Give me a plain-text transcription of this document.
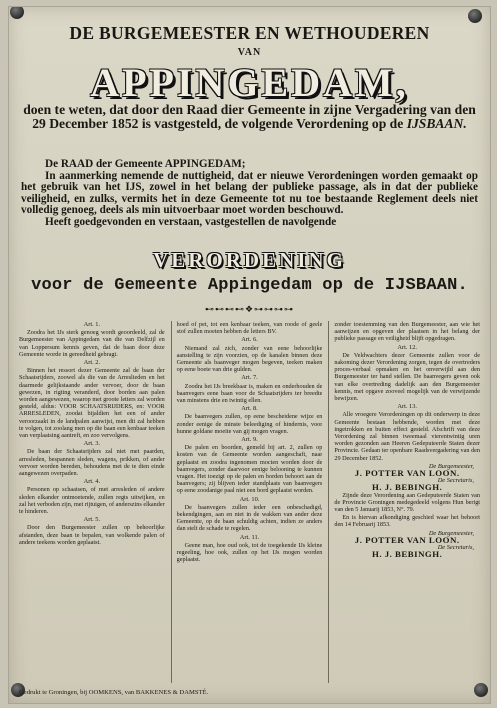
DE BURGEMEESTER EN WETHOUDEREN
VAN
APPINGEDAM,
doen te weten, dat door den Raad dier Gemeente in zijne Vergadering van den 29 December 1852 is vastgesteld, de volgende Verordening op de IJSBAAN.

De RAAD der Gemeente APPINGEDAM;

In aanmerking nemende de nuttigheid, dat er nieuwe Verordeningen worden gemaakt op het gebruik van het IJS, zowel in het belang der publieke passage, als in dat der publieke veiligheid, en zulks, vermits het in deze Gemeente tot nu toe bestaande Reglement deels niet volledig genoeg, deels als min uitvoerbaar moet worden beschouwd.

Heeft goedgevonden en verstaan, vastgestellen de navolgende

VERORDENING
voor de Gemeente Appingedam op de IJSBAAN.
⊷⊷⊷⊷❖⊶⊶⊶⊶

Art. 1.

Zoodra het IJs sterk genoeg wordt geoordeeld, zal de Burgemeester van Appingedam van die van Delfzijl en van Loppersum kennis geven, dat de baan door deze Gemeente worde in gereedheid gebragt.

Art. 2.

Binnen het ressort dezer Gemeente zal de baan der Schaatsrijders, zoowel als die van de Arreslieden en het daarmede gelijkstaande ander vervoer, door de baan gewezen, in rigting veranderd, door borden aan palen worden aangewezen, waarop met groote letters zal worden gesteld, aldus: VOOR SCHAATSRIJDERS, en: VOOR ARRESLEDEN, zoodat bijaldien het een of ander veroorzaakt in de landpalen aanwijst, men dit zal hebben te volgen, tot zoolang men op die baan een kenbaar teeken van verplaatsing aantreft, en zoo vervolgens.

Art. 3.

De baan der Schaatsrijders zal niet met paarden, arresleden, bespannen sleden, wagens, prikken, of ander vervoer worden bereden, behoudens met de te dien einde aangewezen overpaden.

Art. 4.

Personen op schaatsen, of met arresleden of andere sleden elkander ontmoetende, zullen regts uitwijken, en zal het verboden zijn, met rijtuigen, of anderszins elkander te hinderen.

Art. 5.

Door den Burgemeester zullen op behoorlijke afstanden, deze baan te bepalen, van wolkende palen of andere teekens worden geplaatst.

hoed of pet, tot een kenbaar teeken, van roode of geele stof zullen moeten hebben de letters BV.

Art. 6.

Niemand zal zich, zonder van eene behoorlijke aanstelling te zijn voorzien, op de kanalen binnen deze Gemeente als baanveger mogen begeven, teeken maken op eene boete van drie gulden.

Art. 7.

Zoodra het IJs breekbaar is, maken en onderhouden de baanvegers eene baan voor de Schaatsrijders ter breedte van minstens drie en twintig ellen.

Art. 8.

De baanvegers zullen, op eene bescheidene wijze en zonder eenige de minste beleediging of hindernis, voor hunne goldane moeite van gij mogen vragen.

Art. 9.

De palen en boorden, gemeld bij art. 2, zullen op kosten van de Gemeente worden aangeschaft, naar geplaatst en zoodra ingenomen mocten worden door de baanvegers, zonder daarvoor eenige belooning te kunnen vragen. Het toezigt op de palen en borden behoort aan de baanvegers; zij blijven ieder standplaats van baanvegers op eene zoodanige paal niet een bord geplaatst worden.

Art. 10.

De baanvegers zullen ieder een onbeschadigd, bekendgingen, aan en niet in de wakken van ander deze Gemeente, op de baan schuldig achten, indien ze anders dan stelt de schade te regelen.

Art. 11.

Geene man, hoe oud ook, tot de toegekende IJs kleine regeeling, hoe ook, zullen op het IJs mogen worden geplaatst.

zonder toestemming van den Burgemeester, aan wie het aanwijzen en opgeven der plaatsen in het belang der publieke passage en veiligheid blijft opgedragen.

Art. 12.

De Veldwachters dezer Gemeente zullen voor de nakoming dezer Verordening zorgen, tegen de overtreders proces-verbaal opmaken en het onverwijld aan den Burgemeester ter hand stellen. De baanvegers geven ook van elke overtreding dadelijk aan den Burgemeester kennis, met opgave zooveel mogelijk van de verwijzende bewijzen.

Art. 13.

Alle vroegere Verordeningen op dit onderwerp in deze Gemeente bestaan hebbende, worden met deze ingetrokken en buiten effect gesteld. Afschrift van deze Verordening zal binnen tweemaal vierentwintig uren worden gezonden aan Heeren Gedeputeerde Staten dezer Provincie. Gedaan ter openbare Raadsvergadering van den 29 December 1852.

De Burgemeester,
J. POTTER VAN LOON.
De Secretaris,
H. J. BEBINGH.

Zijnde deze Verordening aan Gedeputeerde Staten van de Provincie Groningen medegedeeld volgens Hun berigt van den 5 Januarij 1853, N°. 79.

En is hiervan afkondiging geschied waar het behoort den 14 Februarij 1853.

De Burgemeester,
J. POTTER VAN LOON.
De Secretaris,
H. J. BEBINGH.
Gedrukt te Groningen, bij OOMKENS, van BAKKENES & DAMSTÉ.
